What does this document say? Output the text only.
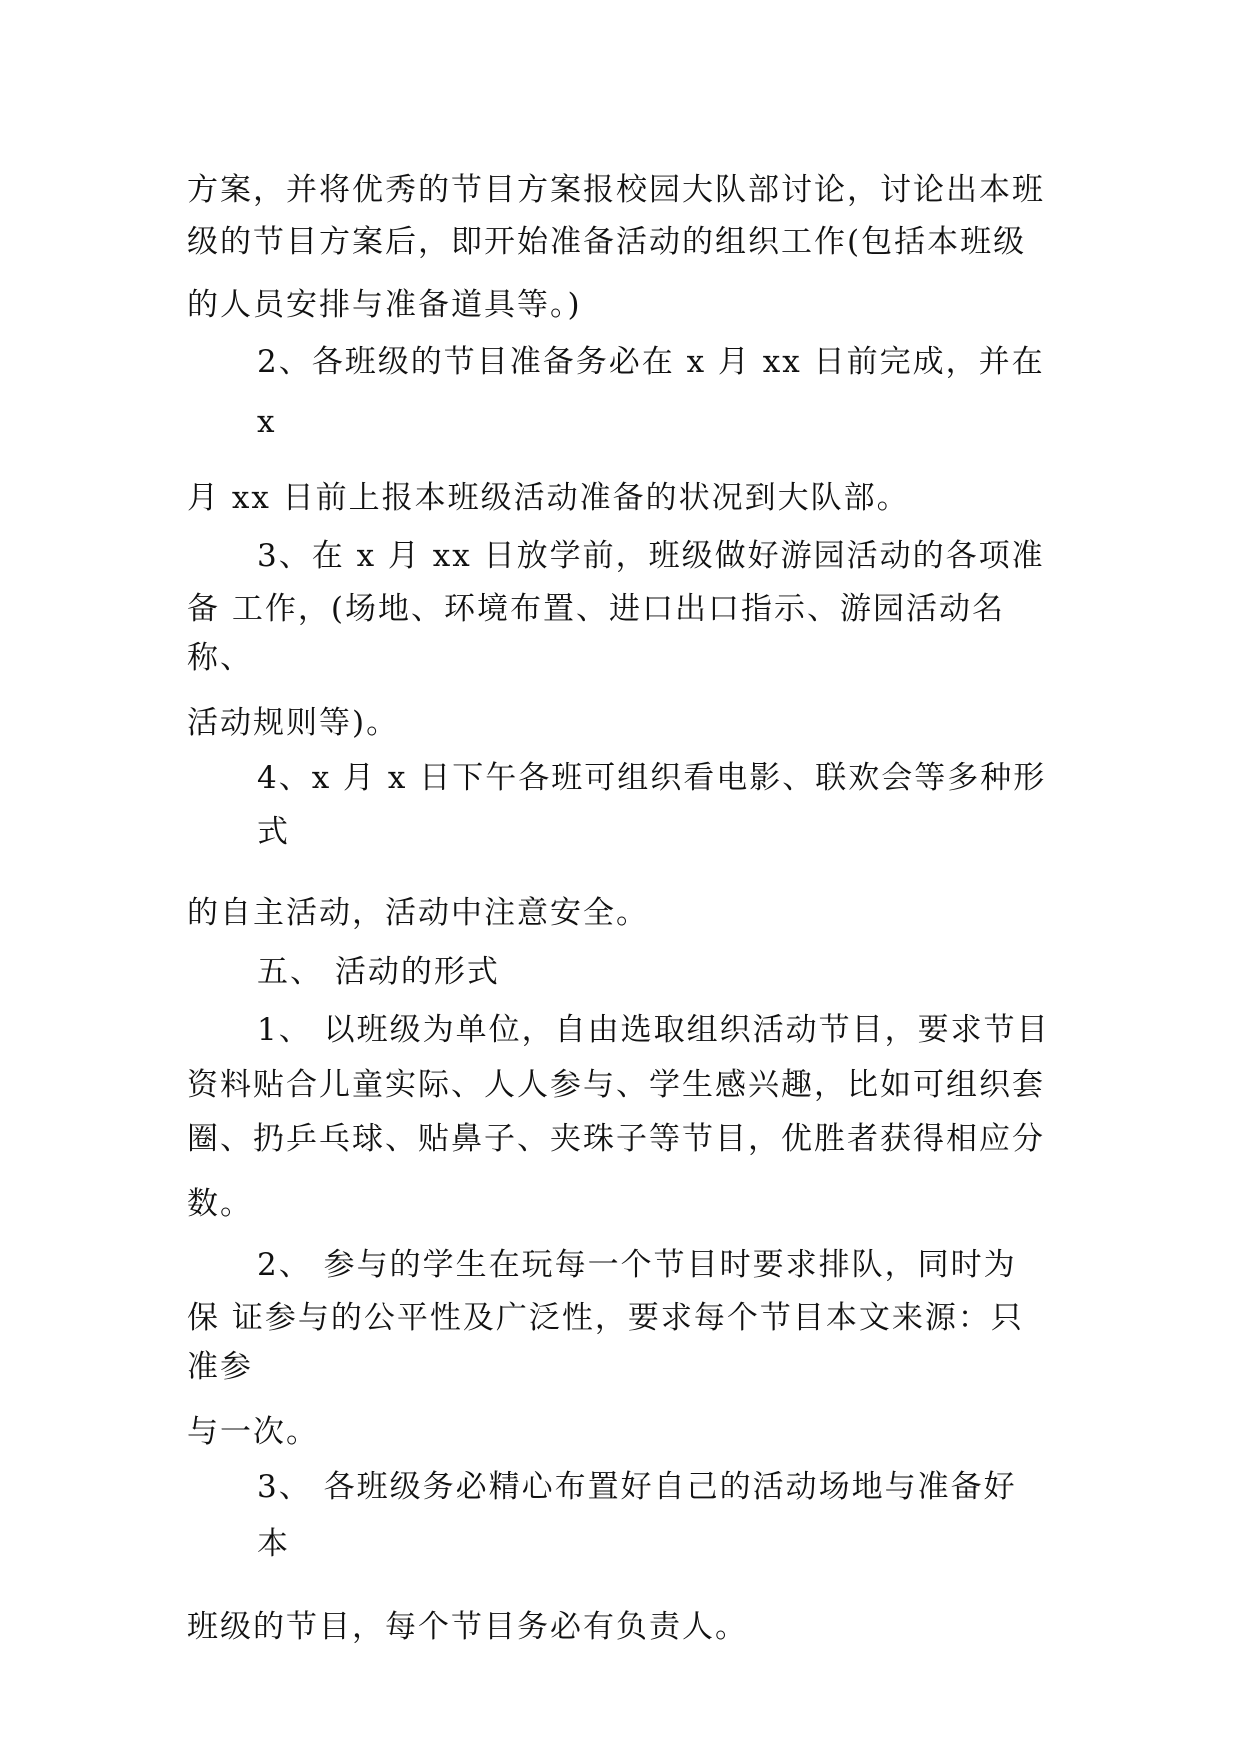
方案，并将优秀的节目方案报校园大队部讨论，讨论出本班
级的节目方案后，即开始准备活动的组织工作(包括本班级
的人员安排与准备道具等。)
2、各班级的节目准备务必在 x 月 xx 日前完成，并在
x
月 xx 日前上报本班级活动准备的状况到大队部。
3、在 x 月 xx 日放学前，班级做好游园活动的各项准
备 工作，(场地、环境布置、进口出口指示、游园活动名
称、
活动规则等)。
4、x 月 x 日下午各班可组织看电影、联欢会等多种形
式
的自主活动，活动中注意安全。
五、 活动的形式
1、 以班级为单位，自由选取组织活动节目，要求节目
资料贴合儿童实际、人人参与、学生感兴趣，比如可组织套
圈、扔乒乓球、贴鼻子、夹珠子等节目，优胜者获得相应分
数。
2、 参与的学生在玩每一个节目时要求排队，同时为
保 证参与的公平性及广泛性，要求每个节目本文来源：只
准参
与一次。
3、 各班级务必精心布置好自己的活动场地与准备好
本
班级的节目，每个节目务必有负责人。
